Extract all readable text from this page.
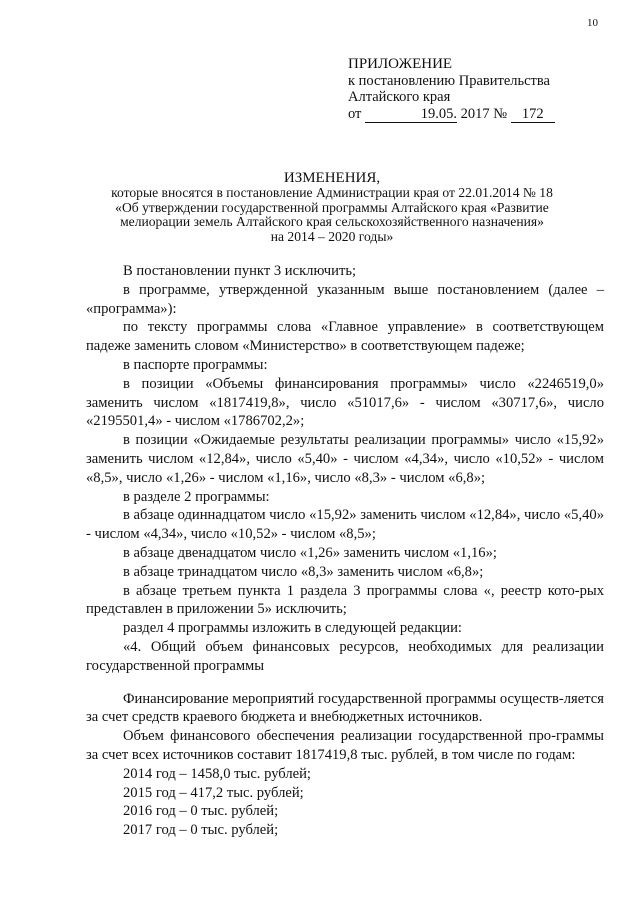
10
ПРИЛОЖЕНИЕ
к постановлению Правительства
Алтайского края
от	19.05. 2017 № 172
ИЗМЕНЕНИЯ,
которые вносятся в постановление Администрации края от 22.01.2014 № 18
«Об утверждении государственной программы Алтайского края «Развитие
мелиорации земель Алтайского края сельскохозяйственного назначения»
на 2014 – 2020 годы»

В постановлении пункт 3 исключить;

в программе, утвержденной указанным выше постановлением (далее – «программа»):

по тексту программы слова «Главное управление» в соответствующем падеже заменить словом «Министерство» в соответствующем падеже;

в паспорте программы:

в позиции «Объемы финансирования программы» число «2246519,0» заменить числом «1817419,8», число «51017,6» - числом «30717,6», число «2195501,4» - числом «1786702,2»;

в позиции «Ожидаемые результаты реализации программы» число «15,92» заменить числом «12,84», число «5,40» - числом «4,34», число «10,52» - числом «8,5», число «1,26» - числом «1,16», число «8,3» - числом «6,8»;

в разделе 2 программы:

в абзаце одиннадцатом число «15,92» заменить числом «12,84», число «5,40» - числом «4,34», число «10,52» - числом «8,5»;

в абзаце двенадцатом число «1,26» заменить числом «1,16»;

в абзаце тринадцатом число «8,3» заменить числом «6,8»;

в абзаце третьем пункта 1 раздела 3 программы слова «, реестр кото-рых представлен в приложении 5» исключить;

раздел 4 программы изложить в следующей редакции:

«4. Общий объем финансовых ресурсов, необходимых для реализации государственной программы

Финансирование мероприятий государственной программы осуществ-ляется за счет средств краевого бюджета и внебюджетных источников.

Объем финансового обеспечения реализации государственной про-граммы за счет всех источников составит 1817419,8 тыс. рублей, в том числе по годам:

2014 год – 1458,0 тыс. рублей;

2015 год – 417,2 тыс. рублей;

2016 год – 0 тыс. рублей;

2017 год – 0 тыс. рублей;
